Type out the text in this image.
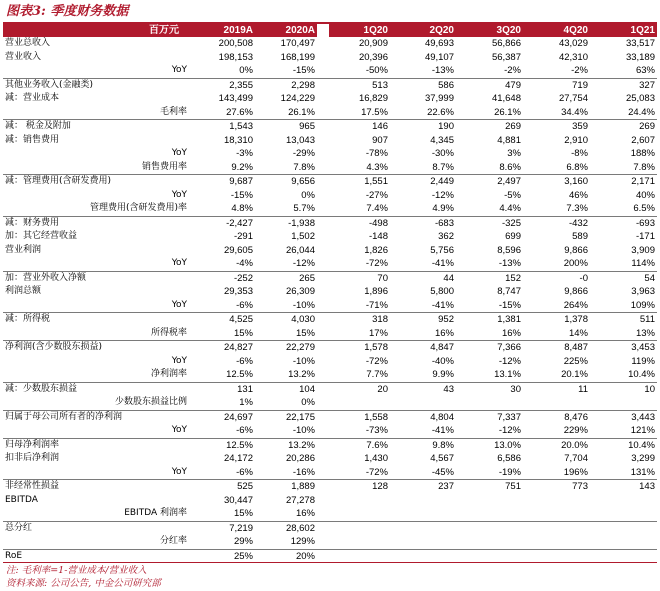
图表3: 季度财务数据
百万元	2019A	2020A		1Q20	2Q20	3Q20	4Q20	1Q21
营业总收入	200,508	170,497		20,909	49,693	56,866	43,029	33,517
营业收入	198,153	168,199		20,396	49,107	56,387	42,310	33,189
YoY	0%	-15%		-50%	-13%	-2%	-2%	63%
其他业务收入(金融类)	2,355	2,298		513	586	479	719	327
减：营业成本	143,499	124,229		16,829	37,999	41,648	27,754	25,083
毛利率	27.6%	26.1%		17.5%	22.6%	26.1%	34.4%	24.4%
减： 税金及附加	1,543	965		146	190	269	359	269
减：销售费用	18,310	13,043		907	4,345	4,881	2,910	2,607
YoY	-3%	-29%		-78%	-30%	3%	-8%	188%
销售费用率	9.2%	7.8%		4.3%	8.7%	8.6%	6.8%	7.8%
减：管理费用(含研发费用)	9,687	9,656		1,551	2,449	2,497	3,160	2,171
YoY	-15%	0%		-27%	-12%	-5%	46%	40%
管理费用(含研发费用)率	4.8%	5.7%		7.4%	4.9%	4.4%	7.3%	6.5%
减：财务费用	-2,427	-1,938		-498	-683	-325	-432	-693
加：其它经营收益	-291	1,502		-148	362	699	589	-171
营业利润	29,605	26,044		1,826	5,756	8,596	9,866	3,909
YoY	-4%	-12%		-72%	-41%	-13%	200%	114%
加：营业外收入净额	-252	265		70	44	152	-0	54
利润总额	29,353	26,309		1,896	5,800	8,747	9,866	3,963
YoY	-6%	-10%		-71%	-41%	-15%	264%	109%
减：所得税	4,525	4,030		318	952	1,381	1,378	511
所得税率	15%	15%		17%	16%	16%	14%	13%
净利润(含少数股东损益)	24,827	22,279		1,578	4,847	7,366	8,487	3,453
YoY	-6%	-10%		-72%	-40%	-12%	225%	119%
净利润率	12.5%	13.2%		7.7%	9.9%	13.1%	20.1%	10.4%
减：少数股东损益	131	104		20	43	30	11	10
少数股东损益比例	1%	0%						
归属于母公司所有者的净利润	24,697	22,175		1,558	4,804	7,337	8,476	3,443
YoY	-6%	-10%		-73%	-41%	-12%	229%	121%
归母净利润率	12.5%	13.2%		7.6%	9.8%	13.0%	20.0%	10.4%
扣非后净利润	24,172	20,286		1,430	4,567	6,586	7,704	3,299
YoY	-6%	-16%		-72%	-45%	-19%	196%	131%
非经常性损益	525	1,889		128	237	751	773	143
EBITDA	30,447	27,278						
EBITDA 利润率	15%	16%						
总分红	7,219	28,602						
分红率	29%	129%						
RoE	25%	20%						
注: 毛利率=1-营业成本/营业收入
资料来源: 公司公告, 中金公司研究部
